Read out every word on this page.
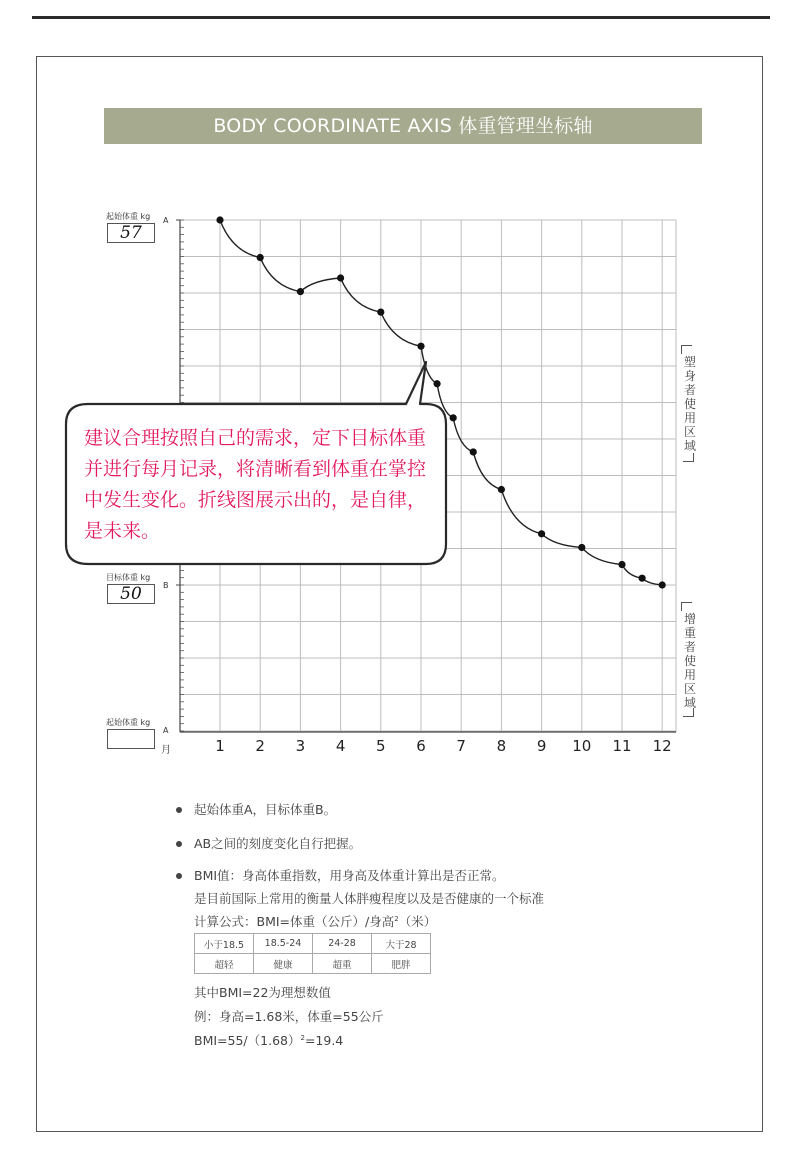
BODY COORDINATE AXIS 体重管理坐标轴
起始体重 kg
57
目标体重 kg
50
起始体重 kg
A
B
A
1	2	3	4	5	6	7	8	9	10 11 12
月
塑身者使用区域
增重者使用区域
建议合理按照自己的需求，定下目标体重并进行每月记录，将清晰看到体重在掌控中发生变化。折线图展示出的，是自律，是未来。
起始体重A，目标体重B。
AB之间的刻度变化自行把握。
BMI值：身高体重指数，用身高及体重计算出是否正常。
是目前国际上常用的衡量人体胖瘦程度以及是否健康的一个标准
计算公式：BMI=体重（公斤）/身高$^2$（米）
其中BMI=22为理想数值
例：身高=1.68米，体重=55公斤
$BMI=55/(1.68)^2=19.4$
小于18.5	18.5-24	24-28	大于28
超轻	健康	超重	肥胖
